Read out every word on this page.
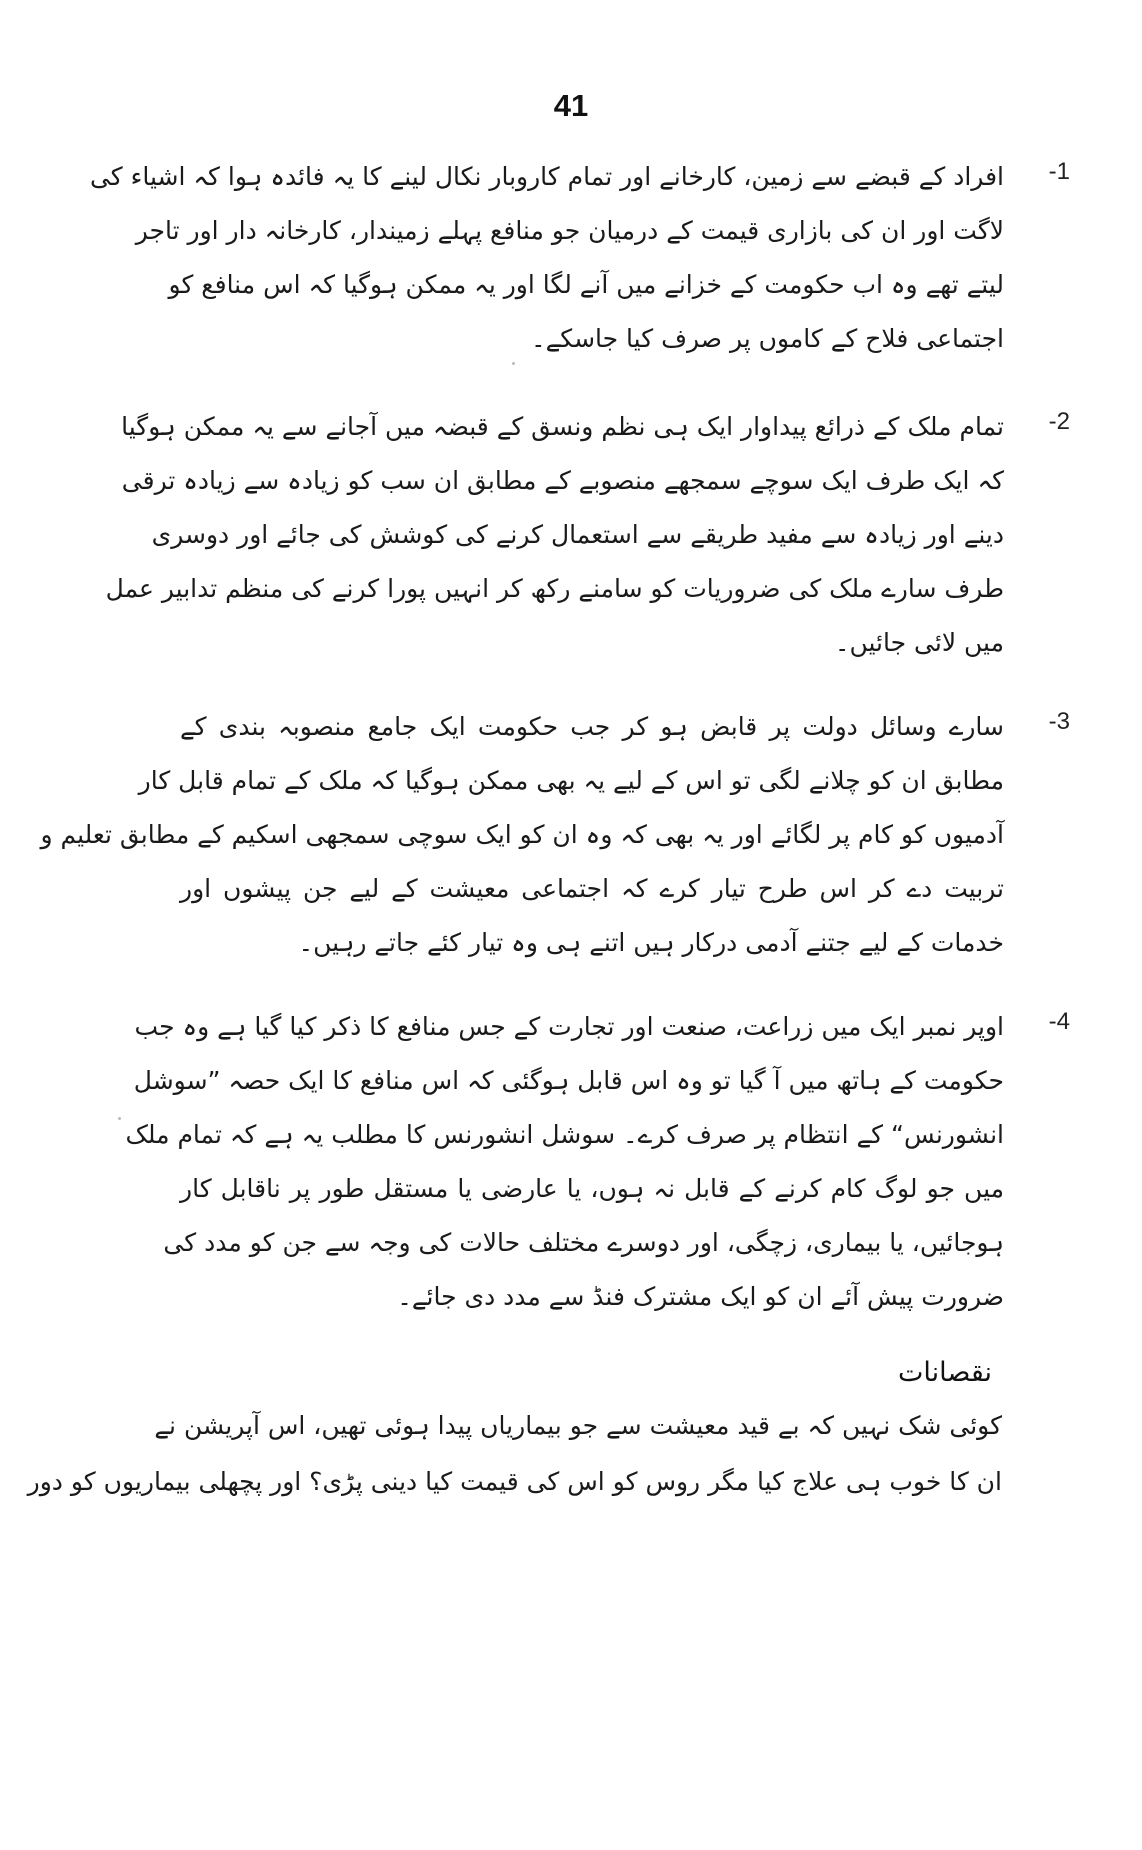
41
-1
افراد کے قبضے سے زمین، کارخانے اور تمام کاروبار نکال لینے کا یہ فائدہ ہوا کہ اشیاء کی
لاگت اور ان کی بازاری قیمت کے درمیان جو منافع پہلے زمیندار، کارخانہ دار اور تاجر
لیتے تھے وہ اب حکومت کے خزانے میں آنے لگا اور یہ ممکن ہوگیا کہ اس منافع کو
اجتماعی فلاح کے کاموں پر صرف کیا جاسکے۔
-2
تمام ملک کے ذرائع پیداوار ایک ہی نظم ونسق کے قبضہ میں آجانے سے یہ ممکن ہوگیا
کہ ایک طرف ایک سوچے سمجھے منصوبے کے مطابق ان سب کو زیادہ سے زیادہ ترقی
دینے اور زیادہ سے مفید طریقے سے استعمال کرنے کی کوشش کی جائے اور دوسری
طرف سارے ملک کی ضروریات کو سامنے رکھ کر انہیں پورا کرنے کی منظم تدابیر عمل
میں لائی جائیں۔
-3
سارے وسائل دولت پر قابض ہو کر جب حکومت ایک جامع منصوبہ بندی کے
مطابق ان کو چلانے لگی تو اس کے لیے یہ بھی ممکن ہوگیا کہ ملک کے تمام قابل کار
آدمیوں کو کام پر لگائے اور یہ بھی کہ وہ ان کو ایک سوچی سمجھی اسکیم کے مطابق تعلیم و
تربیت دے کر اس طرح تیار کرے کہ اجتماعی معیشت کے لیے جن پیشوں اور
خدمات کے لیے جتنے آدمی درکار ہیں اتنے ہی وہ تیار کئے جاتے رہیں۔
-4
اوپر نمبر ایک میں زراعت، صنعت اور تجارت کے جس منافع کا ذکر کیا گیا ہے وہ جب
حکومت کے ہاتھ میں آ گیا تو وہ اس قابل ہوگئی کہ اس منافع کا ایک حصہ ”سوشل
انشورنس“ کے انتظام پر صرف کرے۔ سوشل انشورنس کا مطلب یہ ہے کہ تمام ملک
میں جو لوگ کام کرنے کے قابل نہ ہوں، یا عارضی یا مستقل طور پر ناقابل کار
ہوجائیں، یا بیماری، زچگی، اور دوسرے مختلف حالات کی وجہ سے جن کو مدد کی
ضرورت پیش آئے ان کو ایک مشترک فنڈ سے مدد دی جائے۔
نقصانات
کوئی شک نہیں کہ بے قید معیشت سے جو بیماریاں پیدا ہوئی تھیں، اس آپریشن نے
ان کا خوب ہی علاج کیا مگر روس کو اس کی قیمت کیا دینی پڑی؟ اور پچھلی بیماریوں کو دور
